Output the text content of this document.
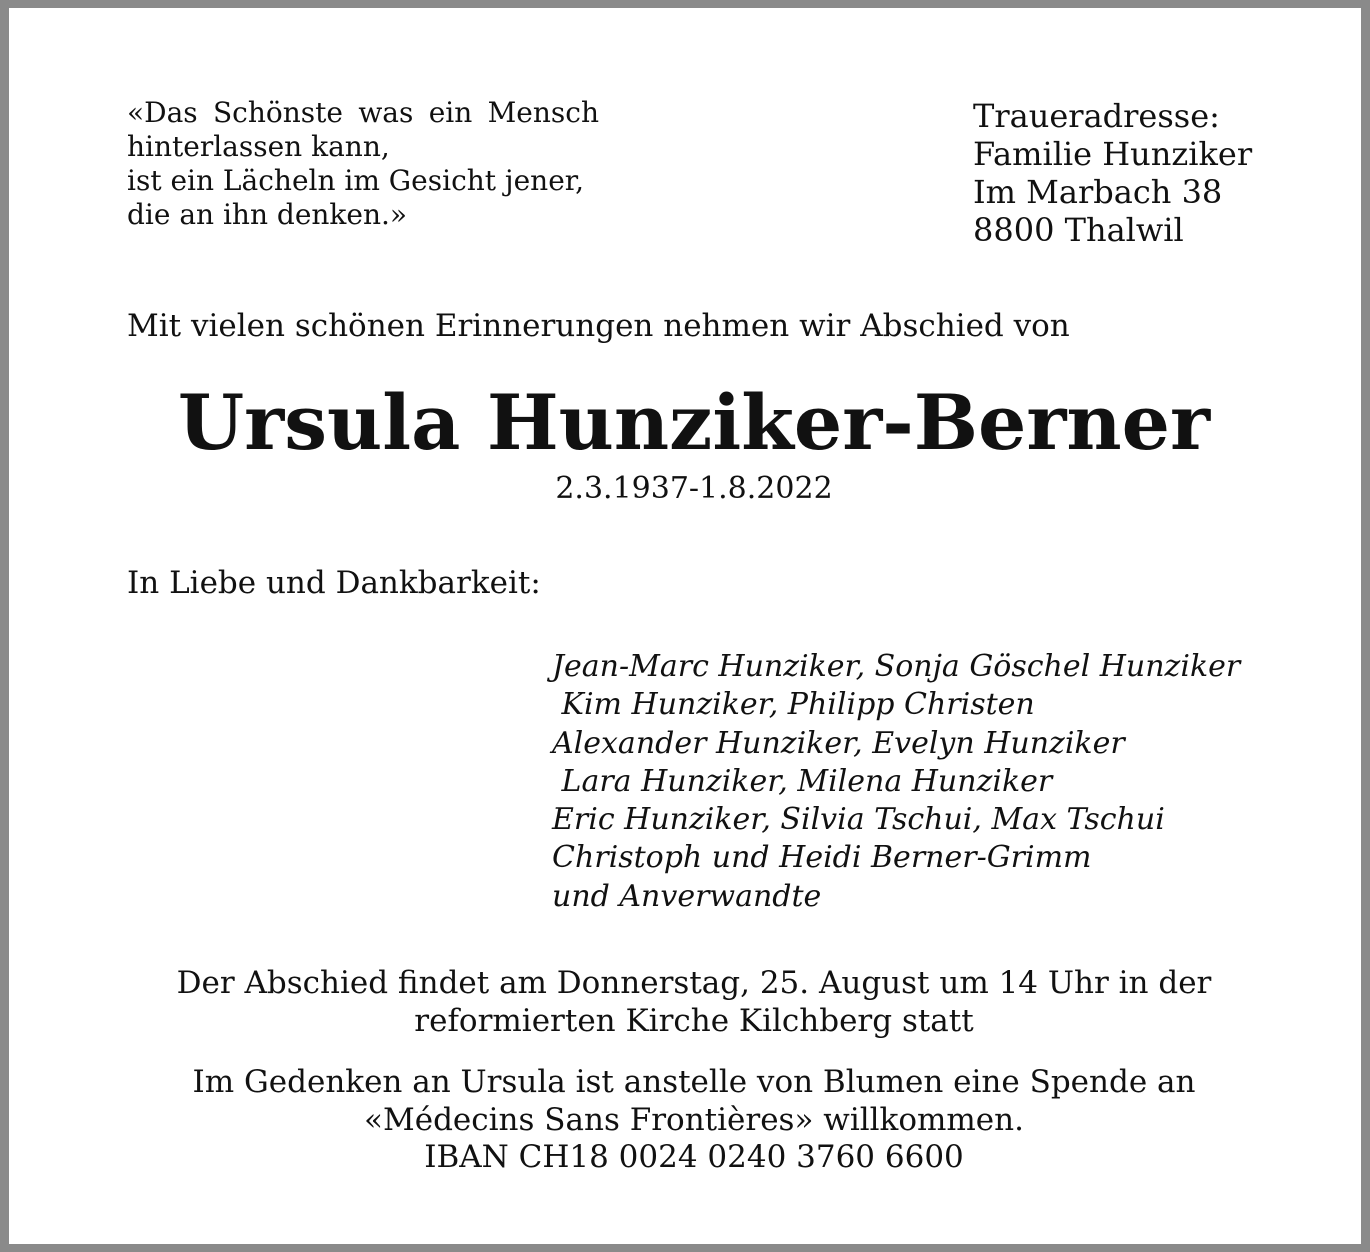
«Das Schönste was ein Mensch
hinterlassen kann,
ist ein Lächeln im Gesicht jener,
die an ihn denken.»
Traueradresse:
Familie Hunziker
Im Marbach 38
8800 Thalwil
Mit vielen schönen Erinnerungen nehmen wir Abschied von
Ursula Hunziker-Berner
2.3.1937-1.8.2022
In Liebe und Dankbarkeit:
Jean-Marc Hunziker, Sonja Göschel Hunziker
Kim Hunziker, Philipp Christen
Alexander Hunziker, Evelyn Hunziker
Lara Hunziker, Milena Hunziker
Eric Hunziker, Silvia Tschui, Max Tschui
Christoph und Heidi Berner-Grimm
und Anverwandte
Der Abschied findet am Donnerstag, 25. August um 14 Uhr in der
reformierten Kirche Kilchberg statt
Im Gedenken an Ursula ist anstelle von Blumen eine Spende an
«Médecins Sans Frontières» willkommen.
IBAN CH18 0024 0240 3760 6600
